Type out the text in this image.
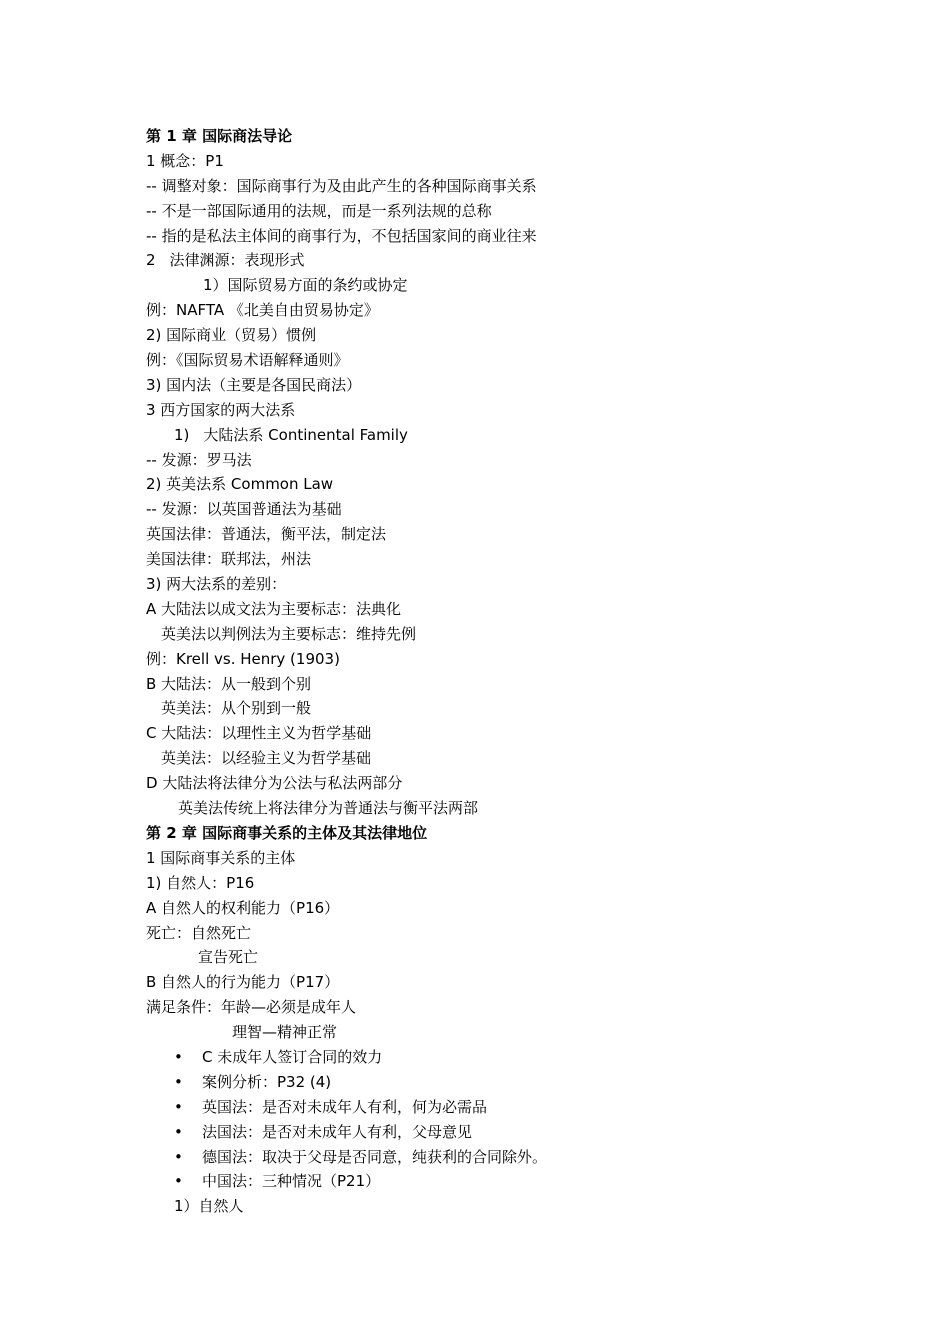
第 1 章 国际商法导论
1 概念：P1
-- 调整对象：国际商事行为及由此产生的各种国际商事关系
-- 不是一部国际通用的法规，而是一系列法规的总称
-- 指的是私法主体间的商事行为，不包括国家间的商业往来
2 法律渊源：表现形式
1）国际贸易方面的条约或协定
例：NAFTA 《北美自由贸易协定》
2) 国际商业（贸易）惯例
例：《国际贸易术语解释通则》
3) 国内法（主要是各国民商法）
3 西方国家的两大法系
1) 大陆法系 Continental Family
-- 发源：罗马法
2) 英美法系 Common Law
-- 发源：以英国普通法为基础
英国法律：普通法，衡平法，制定法
美国法律：联邦法，州法
3) 两大法系的差别：
A 大陆法以成文法为主要标志：法典化
英美法以判例法为主要标志：维持先例
例：Krell vs. Henry (1903)
B 大陆法：从一般到个别
英美法：从个别到一般
C 大陆法：以理性主义为哲学基础
英美法：以经验主义为哲学基础
D 大陆法将法律分为公法与私法两部分
英美法传统上将法律分为普通法与衡平法两部
第 2 章 国际商事关系的主体及其法律地位
1 国际商事关系的主体
1) 自然人：P16
A 自然人的权利能力（P16）
死亡：自然死亡
宣告死亡
B 自然人的行为能力（P17）
满足条件：年龄—必须是成年人
理智—精神正常
• C 未成年人签订合同的效力
• 案例分析：P32 (4)
• 英国法：是否对未成年人有利，何为必需品
• 法国法：是否对未成年人有利，父母意见
• 德国法：取决于父母是否同意，纯获利的合同除外。
• 中国法：三种情况（P21）
1）自然人
